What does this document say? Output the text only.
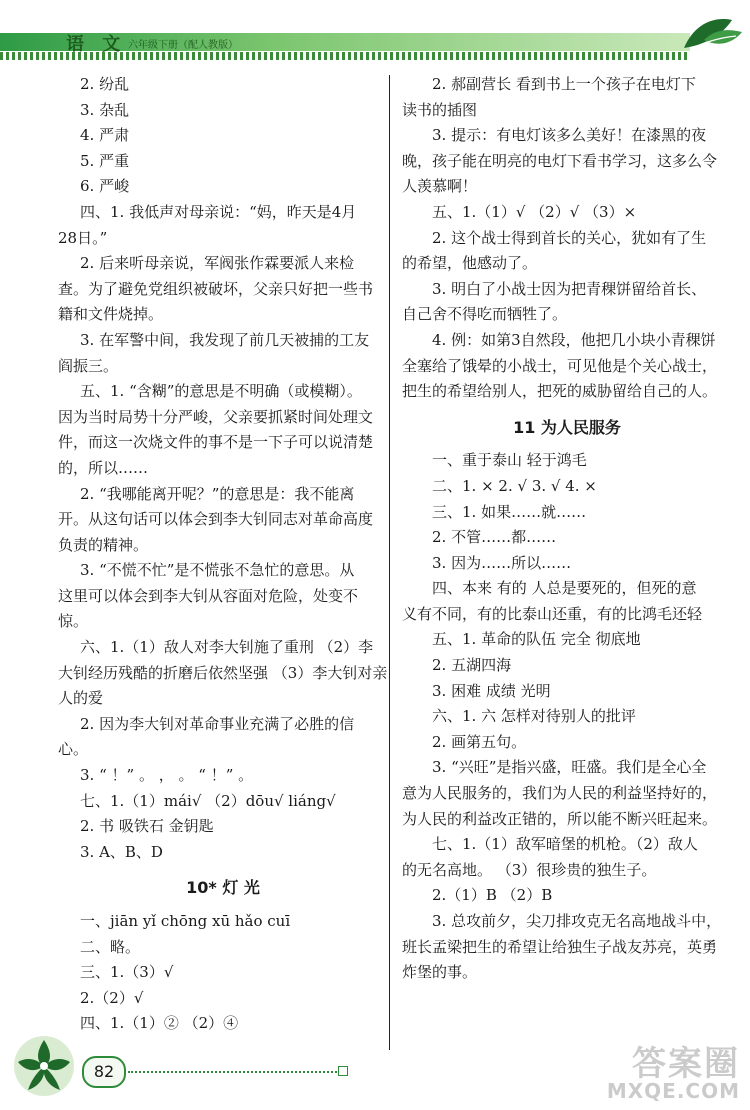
语 文 六年级下册（配人教版）
2. 纷乱
3. 杂乱
4. 严肃
5. 严重
6. 严峻
四、1. 我低声对母亲说：“妈，昨天是4月
28日。”
2. 后来听母亲说，军阀张作霖要派人来检
查。为了避免党组织被破坏，父亲只好把一些书
籍和文件烧掉。
3. 在军警中间，我发现了前几天被捕的工友
阎振三。
五、1. “含糊”的意思是不明确（或模糊）。
因为当时局势十分严峻，父亲要抓紧时间处理文
件，而这一次烧文件的事不是一下子可以说清楚
的，所以……
2. “我哪能离开呢？”的意思是：我不能离
开。从这句话可以体会到李大钊同志对革命高度
负责的精神。
3. “不慌不忙”是不慌张不急忙的意思。从
这里可以体会到李大钊从容面对危险，处变不
惊。
六、1.（1）敌人对李大钊施了重刑 （2）李
大钊经历残酷的折磨后依然坚强 （3）李大钊对亲
人的爱
2. 因为李大钊对革命事业充满了必胜的信
心。
3. “ ！” 。 ， 。 “ ！” 。
七、1.（1）mái√ （2）dōu√ liáng√
2. 书 吸铁石 金钥匙
3. A、B、D
10* 灯 光
一、jiān yǐ chōng xū hǎo cuī
二、略。
三、1.（3）√
2.（2）√
四、1.（1）② （2）④
2. 郝副营长 看到书上一个孩子在电灯下
读书的插图
3. 提示：有电灯该多么美好！在漆黑的夜
晚，孩子能在明亮的电灯下看书学习，这多么令
人羡慕啊！
五、1.（1）√ （2）√ （3）×
2. 这个战士得到首长的关心，犹如有了生
的希望，他感动了。
3. 明白了小战士因为把青稞饼留给首长、
自己舍不得吃而牺牲了。
4. 例：如第3自然段，他把几小块小青稞饼
全塞给了饿晕的小战士，可见他是个关心战士，
把生的希望给别人，把死的威胁留给自己的人。
11 为人民服务
一、重于泰山 轻于鸿毛
二、1. × 2. √ 3. √ 4. ×
三、1. 如果……就……
2. 不管……都……
3. 因为……所以……
四、本来 有的 人总是要死的，但死的意
义有不同，有的比泰山还重，有的比鸿毛还轻
五、1. 革命的队伍 完全 彻底地
2. 五湖四海
3. 困难 成绩 光明
六、1. 六 怎样对待别人的批评
2. 画第五句。
3. “兴旺”是指兴盛，旺盛。我们是全心全
意为人民服务的，我们为人民的利益坚持好的，
为人民的利益改正错的，所以能不断兴旺起来。
七、1.（1）敌军暗堡的机枪。（2）敌人
的无名高地。 （3）很珍贵的独生子。
2.（1）B （2）B
3. 总攻前夕，尖刀排攻克无名高地战斗中，
班长孟梁把生的希望让给独生子战友苏亮，英勇
炸堡的事。
82	答案圈
MXQE.COM
